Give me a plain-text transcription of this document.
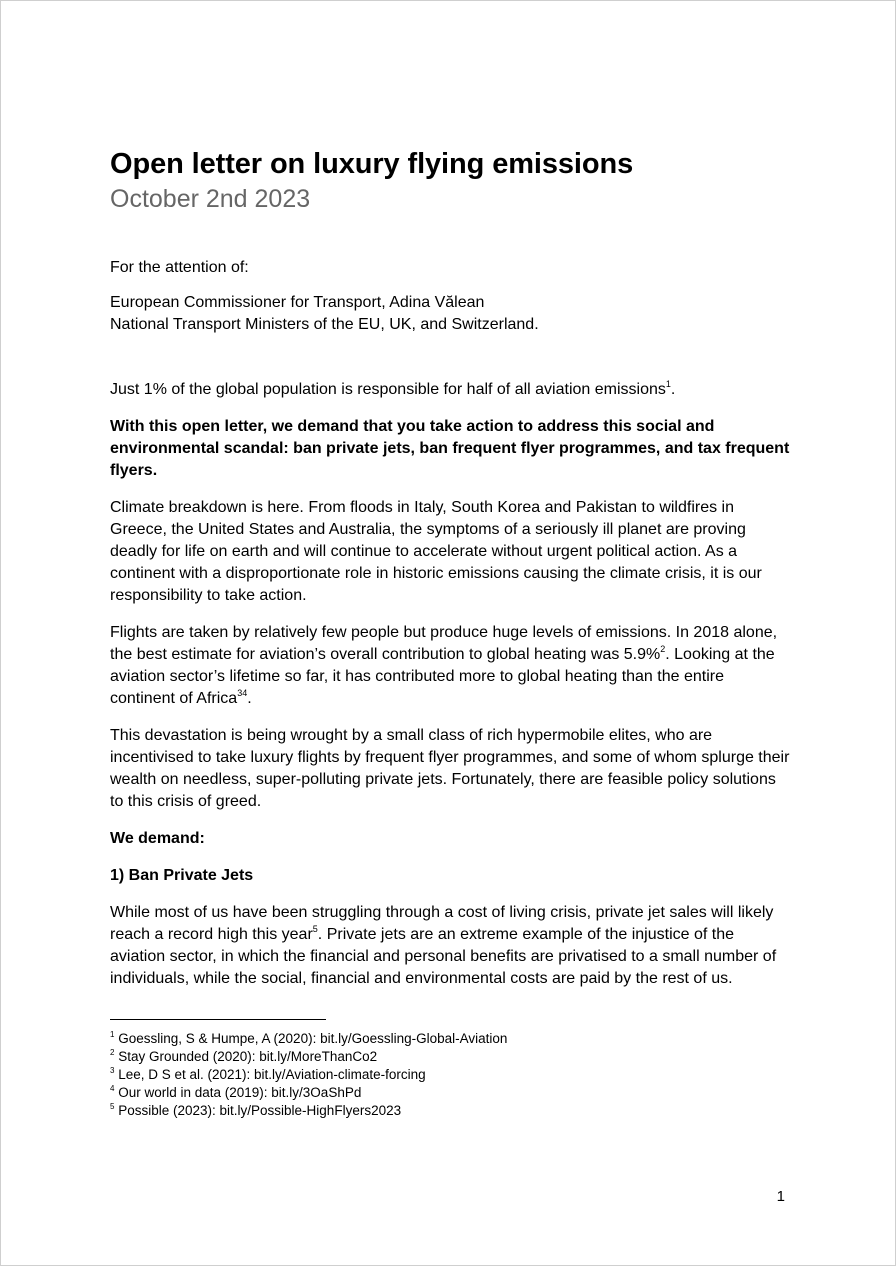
Open letter on luxury flying emissions
October 2nd 2023

For the attention of:

European Commissioner for Transport, Adina Vălean
National Transport Ministers of the EU, UK, and Switzerland.

Just 1% of the global population is responsible for half of all aviation emissions$^1$.

With this open letter, we demand that you take action to address this social and environmental scandal: ban private jets, ban frequent flyer programmes, and tax frequent flyers.

Climate breakdown is here. From floods in Italy, South Korea and Pakistan to wildfires in Greece, the United States and Australia, the symptoms of a seriously ill planet are proving deadly for life on earth and will continue to accelerate without urgent political action. As a continent with a disproportionate role in historic emissions causing the climate crisis, it is our responsibility to take action.

Flights are taken by relatively few people but produce huge levels of emissions. In 2018 alone, the best estimate for aviation’s overall contribution to global heating was 5.9%$^2$. Looking at the aviation sector’s lifetime so far, it has contributed more to global heating than the entire continent of Africa$^{34}$.

This devastation is being wrought by a small class of rich hypermobile elites, who are incentivised to take luxury flights by frequent flyer programmes, and some of whom splurge their wealth on needless, super-polluting private jets. Fortunately, there are feasible policy solutions to this crisis of greed.

We demand:

1) Ban Private Jets

While most of us have been struggling through a cost of living crisis, private jet sales will likely reach a record high this year$^5$. Private jets are an extreme example of the injustice of the aviation sector, in which the financial and personal benefits are privatised to a small number of individuals, while the social, financial and environmental costs are paid by the rest of us.

$^1$ Goessling, S & Humpe, A (2020): bit.ly/Goessling-Global-Aviation
$^2$ Stay Grounded (2020): bit.ly/MoreThanCo2
$^3$ Lee, D S et al. (2021): bit.ly/Aviation-climate-forcing
$^4$ Our world in data (2019): bit.ly/3OaShPd
$^5$ Possible (2023): bit.ly/Possible-HighFlyers2023
1
